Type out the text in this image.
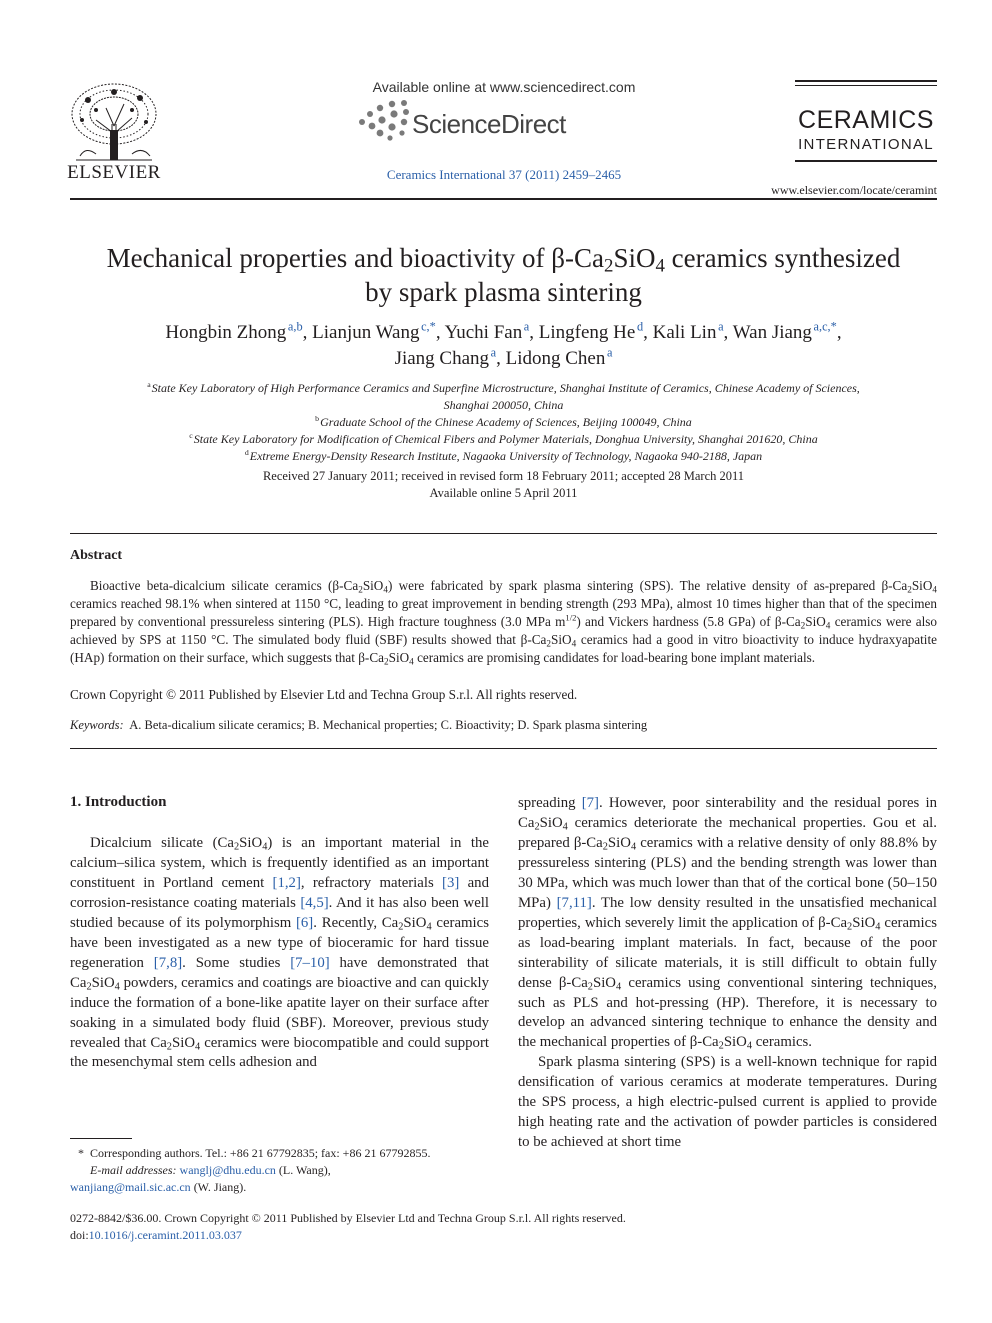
ELSEVIER
Available online at www.sciencedirect.com
ScienceDirect
Ceramics International 37 (2011) 2459–2465
CERAMICS
INTERNATIONAL
www.elsevier.com/locate/ceramint
Mechanical properties and bioactivity of $\beta-Ca_2SiO_4$ ceramics synthesized
by spark plasma sintering
Hongbin Zhong  $^{a,b}$, Lianjun Wang  $^{c,*}$, Yuchi Fan  $^a$, Lingfeng He  $^d$, Kali Lin  $^a$, Wan Jiang  $^{a,c,*}$,
Jiang Chang  $^a$, Lidong Chen  $^a$
$^a$ State Key Laboratory of High Performance Ceramics and Superfine Microstructure, Shanghai Institute of Ceramics, Chinese Academy of Sciences,
Shanghai 200050, China
$^b$ Graduate School of the Chinese Academy of Sciences, Beijing 100049, China
$^c$ State Key Laboratory for Modification of Chemical Fibers and Polymer Materials, Donghua University, Shanghai 201620, China
$^d$ Extreme Energy-Density Research Institute, Nagaoka University of Technology, Nagaoka 940-2188, Japan
Received 27 January 2011; received in revised form 18 February 2011; accepted 28 March 2011
Available online 5 April 2011
Abstract
Bioactive beta-dicalcium silicate ceramics $(\beta-Ca_2SiO_4)$ were fabricated by spark plasma sintering (SPS). The relative density of as-prepared $\beta-Ca_2SiO_4$ ceramics reached 98.1% when sintered at 1150 °C, leading to great improvement in bending strength (293 MPa), almost 10 times higher than that of the specimen prepared by conventional pressureless sintering (PLS). High fracture toughness (3.0 MPa $m^{1/2}$) and Vickers hardness (5.8 GPa) of $\beta-Ca_2SiO_4$ ceramics were also achieved by SPS at 1150 °C. The simulated body fluid (SBF) results showed that $\beta-Ca_2SiO_4$ ceramics had a good in vitro bioactivity to induce hydraxyapatite (HAp) formation on their surface, which suggests that $\beta-Ca_2SiO_4$ ceramics are promising candidates for load-bearing bone implant materials.
Crown Copyright © 2011 Published by Elsevier Ltd and Techna Group S.r.l. All rights reserved.
Keywords: A. Beta-dicalium silicate ceramics; B. Mechanical properties; C. Bioactivity; D. Spark plasma sintering
1. Introduction

Dicalcium silicate $(Ca_2SiO_4)$ is an important material in the calcium–silica system, which is frequently identified as an important constituent in Portland cement [1,2], refractory materials [3] and corrosion-resistance coating materials [4,5]. And it has also been well studied because of its polymorphism [6]. Recently, $Ca_2SiO_4$ ceramics have been investigated as a new type of bioceramic for hard tissue regeneration [7,8]. Some studies [7–10] have demonstrated that $Ca_2SiO_4$ powders, ceramics and coatings are bioactive and can quickly induce the formation of a bone-like apatite layer on their surface after soaking in a simulated body fluid (SBF). Moreover, previous study revealed that $Ca_2SiO_4$ ceramics were biocompatible and could support the mesenchymal stem cells adhesion and

spreading [7]. However, poor sinterability and the residual pores in $Ca_2SiO_4$ ceramics deteriorate the mechanical properties. Gou et al. prepared $\beta-Ca_2SiO_4$ ceramics with a relative density of only 88.8% by pressureless sintering (PLS) and the bending strength was lower than 30 MPa, which was much lower than that of the cortical bone (50–150 MPa) [7,11]. The low density resulted in the unsatisfied mechanical properties, which severely limit the application of $\beta-Ca_2SiO_4$ ceramics as load-bearing implant materials. In fact, because of the poor sinterability of silicate materials, it is still difficult to obtain fully dense $\beta-Ca_2SiO_4$ ceramics using conventional sintering techniques, such as PLS and hot-pressing (HP). Therefore, it is necessary to develop an advanced sintering technique to enhance the density and the mechanical properties of $\beta-Ca_2SiO_4$ ceramics.

Spark plasma sintering (SPS) is a well-known technique for rapid densification of various ceramics at moderate temperatures. During the SPS process, a high electric-pulsed current is applied to provide high heating rate and the activation of powder particles is considered to be achieved at short time

*  Corresponding authors. Tel.: +86 21 67792835; fax: +86 21 67792855.
E-mail addresses: wanglj@dhu.edu.cn (L. Wang),
wanjiang@mail.sic.ac.cn (W. Jiang).
0272-8842/$36.00. Crown Copyright © 2011 Published by Elsevier Ltd and Techna Group S.r.l. All rights reserved.
doi:10.1016/j.ceramint.2011.03.037
